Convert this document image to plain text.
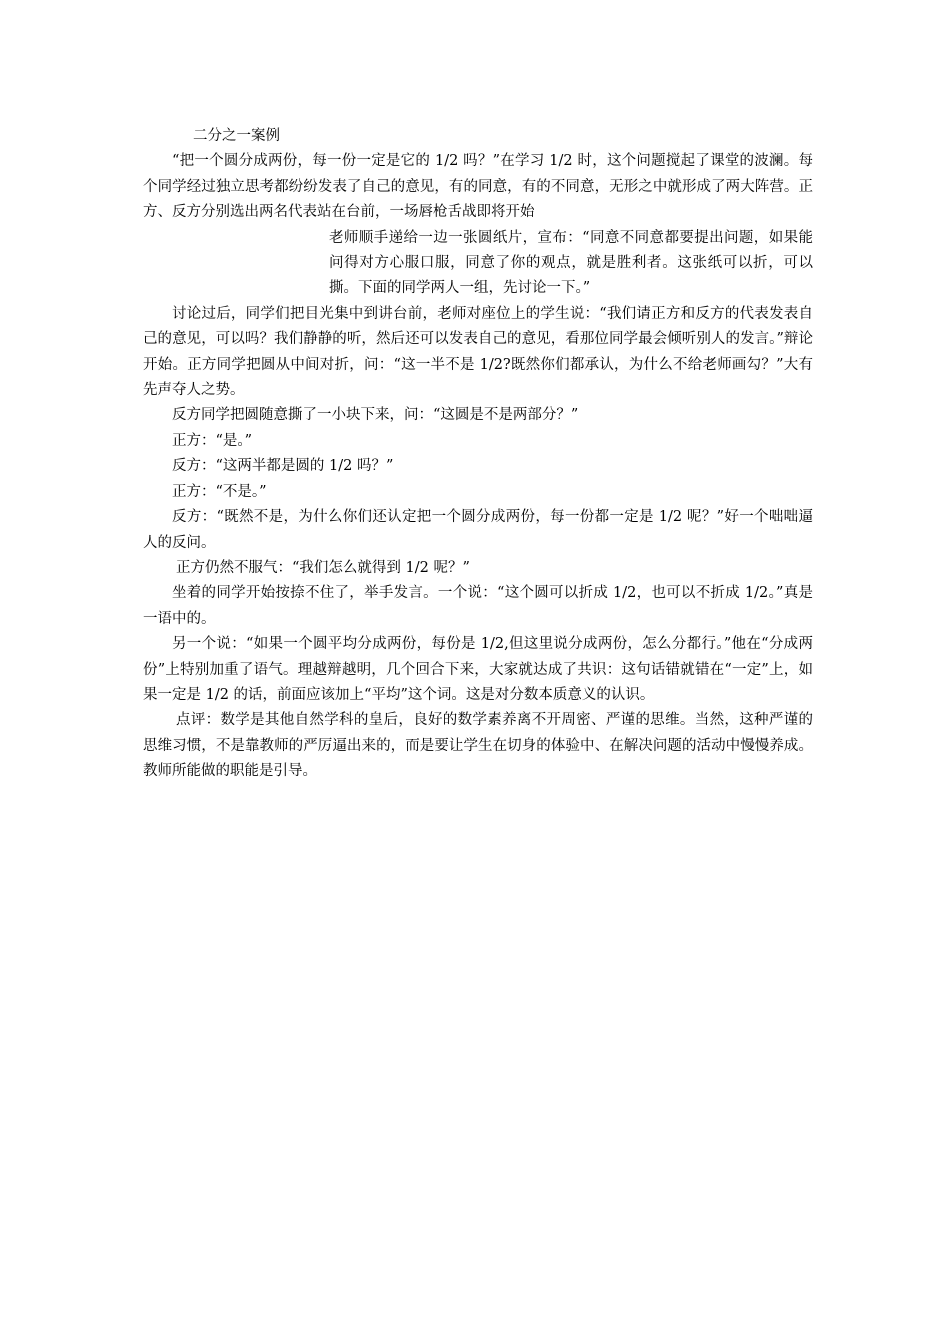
二分之一案例

“把一个圆分成两份，每一份一定是它的 1/2 吗？”在学习 1/2 时，这个问题搅起了课堂的波澜。每个同学经过独立思考都纷纷发表了自己的意见，有的同意，有的不同意，无形之中就形成了两大阵营。正方、反方分别选出两名代表站在台前，一场唇枪舌战即将开始

老师顺手递给一边一张圆纸片，宣布：“同意不同意都要提出问题，如果能问得对方心服口服，同意了你的观点，就是胜利者。这张纸可以折，可以撕。下面的同学两人一组，先讨论一下。”

讨论过后，同学们把目光集中到讲台前，老师对座位上的学生说：“我们请正方和反方的代表发表自己的意见，可以吗？我们静静的听，然后还可以发表自己的意见，看那位同学最会倾听别人的发言。”辩论开始。正方同学把圆从中间对折，问：“这一半不是 1/2?既然你们都承认，为什么不给老师画勾？”大有先声夺人之势。

反方同学把圆随意撕了一小块下来，问：“这圆是不是两部分？”

正方：“是。”

反方：“这两半都是圆的 1/2 吗？”

正方：“不是。”

反方：“既然不是，为什么你们还认定把一个圆分成两份，每一份都一定是 1/2 呢？”好一个咄咄逼人的反问。

正方仍然不服气：“我们怎么就得到 1/2 呢？”

坐着的同学开始按捺不住了，举手发言。一个说：“这个圆可以折成 1/2，也可以不折成 1/2。”真是一语中的。

另一个说：“如果一个圆平均分成两份，每份是 1/2,但这里说分成两份，怎么分都行。”他在“分成两份”上特别加重了语气。理越辩越明，几个回合下来，大家就达成了共识：这句话错就错在“一定”上，如果一定是 1/2 的话，前面应该加上“平均”这个词。这是对分数本质意义的认识。

点评：数学是其他自然学科的皇后，良好的数学素养离不开周密、严谨的思维。当然，这种严谨的思维习惯，不是靠教师的严厉逼出来的，而是要让学生在切身的体验中、在解决问题的活动中慢慢养成。教师所能做的职能是引导。
